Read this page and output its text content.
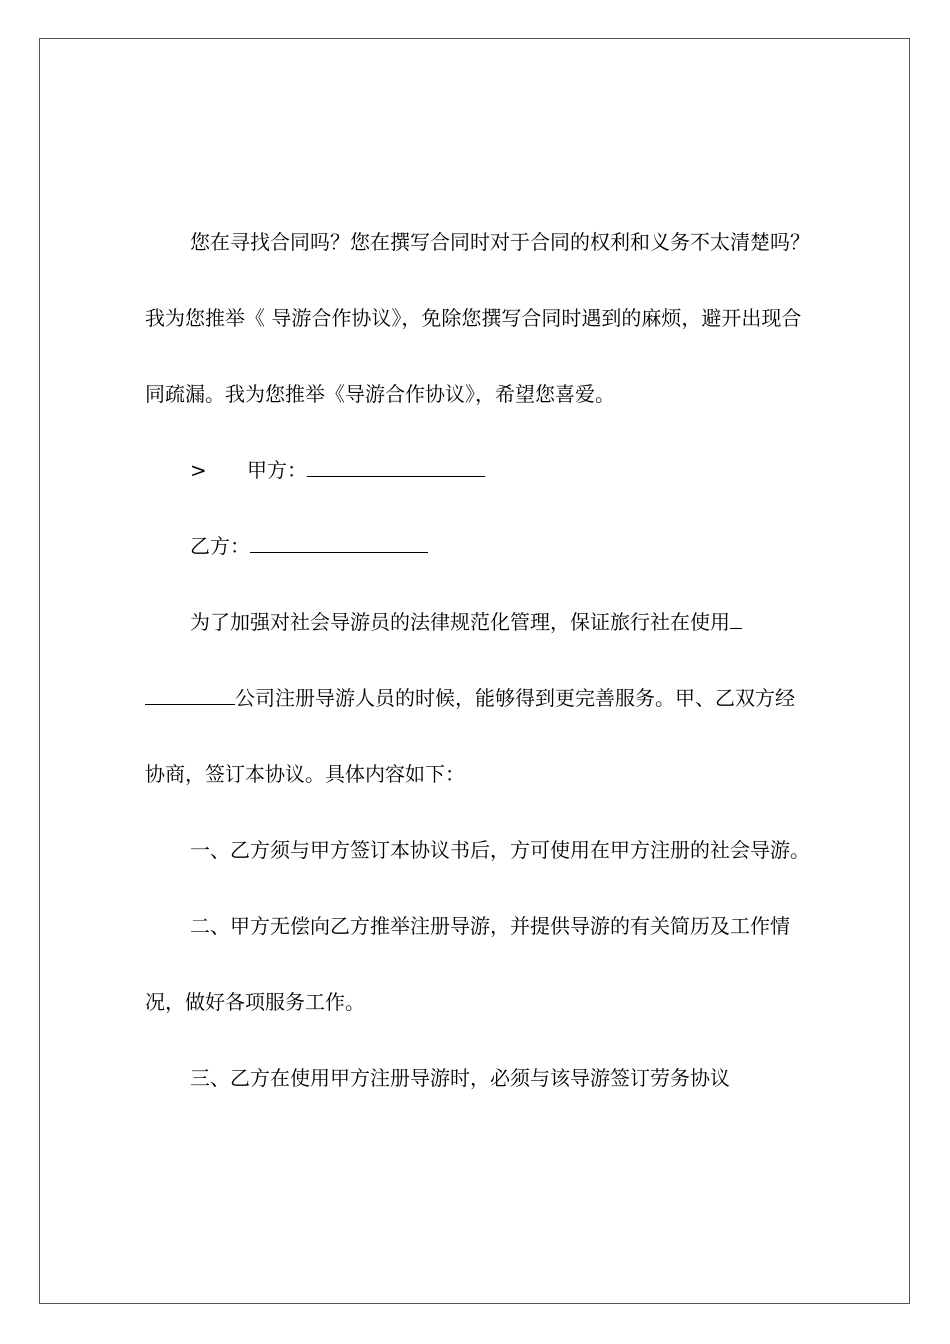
您在寻找合同吗？您在撰写合同时对于合同的权利和义务不太清楚吗？我为您推举《 导游合作协议》，免除您撰写合同时遇到的麻烦，避开出现合同疏漏。我为您推举《导游合作协议》，希望您喜爱。

> 甲方：

乙方：

为了加强对社会导游员的法律规范化管理，保证旅行社在使用公司注册导游人员的时候，能够得到更完善服务。甲、乙双方经协商，签订本协议。具体内容如下：

一、乙方须与甲方签订本协议书后，方可使用在甲方注册的社会导游。

二、甲方无偿向乙方推举注册导游，并提供导游的有关简历及工作情况，做好各项服务工作。

三、乙方在使用甲方注册导游时，必须与该导游签订劳务协议
